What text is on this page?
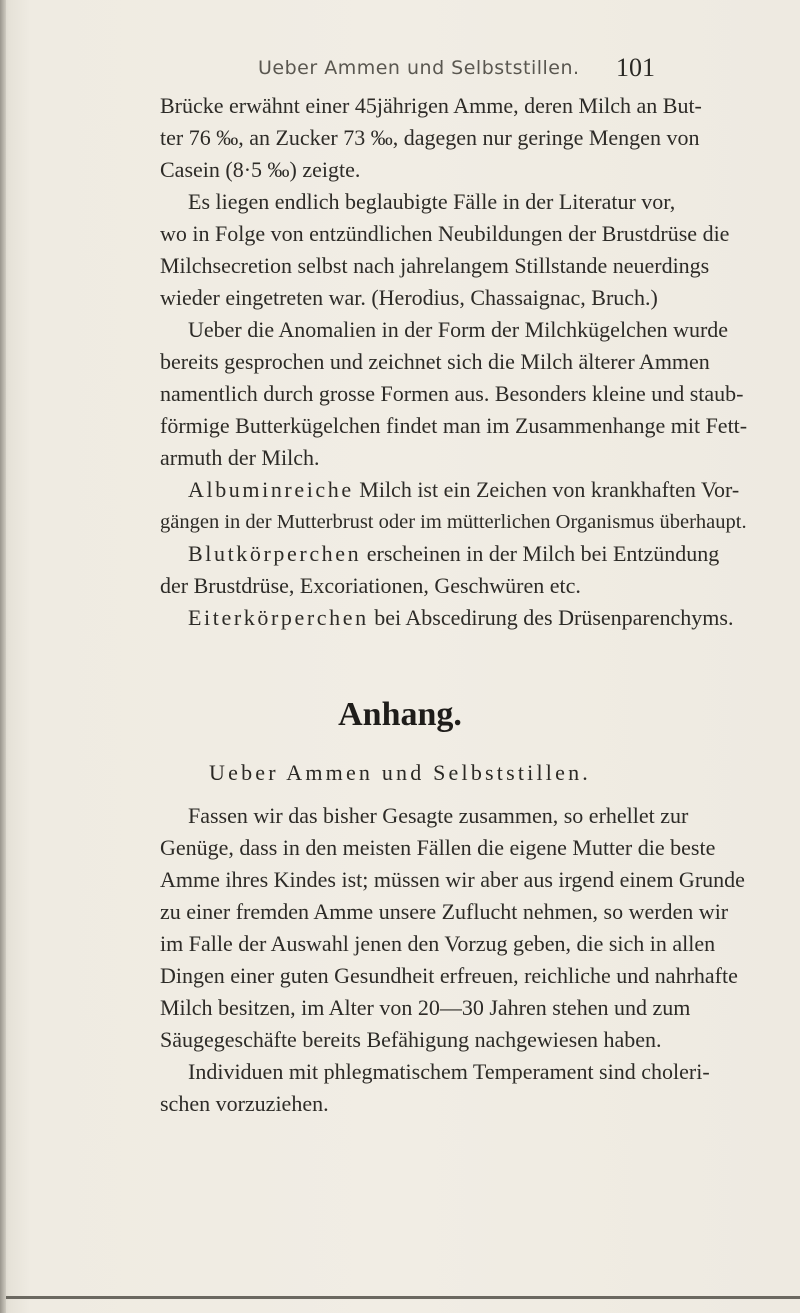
Ueber Ammen und Selbststillen. 101
Brücke erwähnt einer 45jährigen Amme, deren Milch an But-
ter 76 ‰, an Zucker 73 ‰, dagegen nur geringe Mengen von
Casein (8·5 ‰) zeigte.
Es liegen endlich beglaubigte Fälle in der Literatur vor,
wo in Folge von entzündlichen Neubildungen der Brustdrüse die
Milchsecretion selbst nach jahrelangem Stillstande neuerdings
wieder eingetreten war. (Herodius, Chassaignac, Bruch.)
Ueber die Anomalien in der Form der Milchkügelchen wurde
bereits gesprochen und zeichnet sich die Milch älterer Ammen
namentlich durch grosse Formen aus. Besonders kleine und staub-
förmige Butterkügelchen findet man im Zusammenhange mit Fett-
armuth der Milch.
Albuminreiche Milch ist ein Zeichen von krankhaften Vor-
gängen in der Mutterbrust oder im mütterlichen Organismus überhaupt.
Blutkörperchen erscheinen in der Milch bei Entzündung
der Brustdrüse, Excoriationen, Geschwüren etc.
Eiterkörperchen bei Abscedirung des Drüsenparenchyms.
Anhang.
Ueber Ammen und Selbststillen.
Fassen wir das bisher Gesagte zusammen, so erhellet zur
Genüge, dass in den meisten Fällen die eigene Mutter die beste
Amme ihres Kindes ist; müssen wir aber aus irgend einem Grunde
zu einer fremden Amme unsere Zuflucht nehmen, so werden wir
im Falle der Auswahl jenen den Vorzug geben, die sich in allen
Dingen einer guten Gesundheit erfreuen, reichliche und nahrhafte
Milch besitzen, im Alter von 20—30 Jahren stehen und zum
Säugegeschäfte bereits Befähigung nachgewiesen haben.
Individuen mit phlegmatischem Temperament sind choleri-
schen vorzuziehen.
